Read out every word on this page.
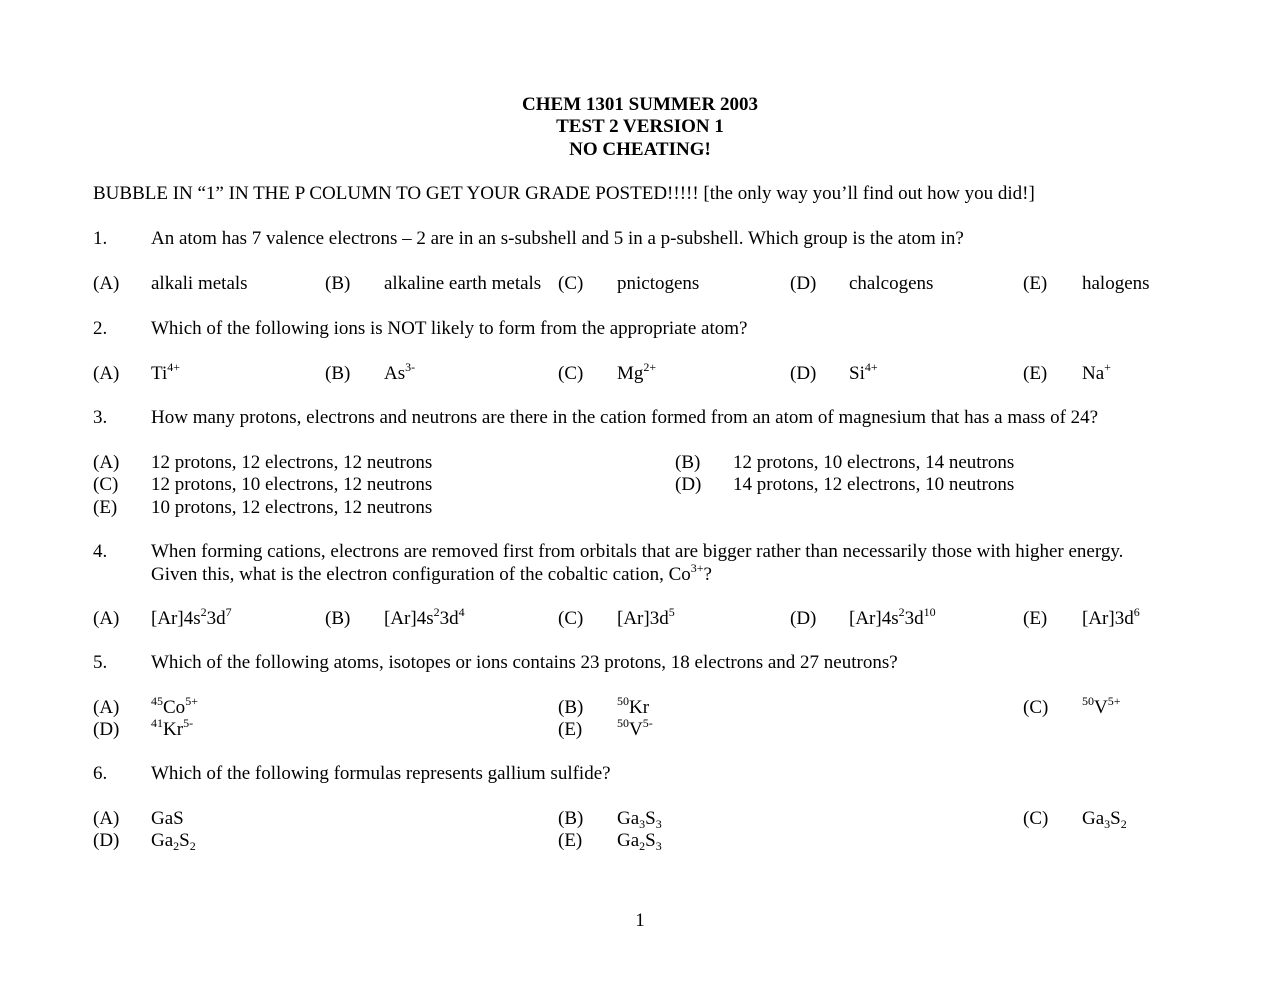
CHEM 1301 SUMMER 2003
TEST 2 VERSION 1
NO CHEATING!
BUBBLE IN “1” IN THE P COLUMN TO GET YOUR GRADE POSTED!!!!! [the only way you’ll find out how you did!]
1. An atom has 7 valence electrons – 2 are in an s-subshell and 5 in a p-subshell. Which group is the atom in?
(A) alkali metals	(B) alkaline earth metals (C) pnictogens	(D) chalcogens	(E) halogens
2. Which of the following ions is NOT likely to form from the appropriate atom?
(A) $Ti^{4+}$	(B) $As^{3-}$	(C) $Mg^{2+}$	(D) $Si^{4+}$	(E) Na+
3. How many protons, electrons and neutrons are there in the cation formed from an atom of magnesium that has a mass of 24?
(A) 12 protons, 12 electrons, 12 neutrons	(B) 12 protons, 10 electrons, 14 neutrons
(C) 12 protons, 10 electrons, 12 neutrons	(D) 14 protons, 12 electrons, 10 neutrons
(E) 10 protons, 12 electrons, 12 neutrons
4. When forming cations, electrons are removed first from orbitals that are bigger rather than necessarily those with higher energy.
Given this, what is the electron configuration of the cobaltic cation, $Co^{3+}$?
(A) $[Ar]4s^23d^7$	(B) $[Ar]4s^23d^4$	(C) $[Ar]3d^5$	(D) $[Ar]4s^23d^{10}$	(E) $[Ar]3d^6$
5. Which of the following atoms, isotopes or ions contains 23 protons, 18 electrons and 27 neutrons?
(A)	$^{45}Co^{5+}$	(B)	$^{50}$Kr	(C)	$^{50}V^{5+}$
(D)	$^{41}Kr^{5-}$	(E)	$^{50}V^{5-}$
6. Which of the following formulas represents gallium sulfide?
(A) GaS	(B) $Ga_3S_3$	(C) $Ga_3S_2$
(D) $Ga_2S_2$	(E) $Ga_2S_3$
1
